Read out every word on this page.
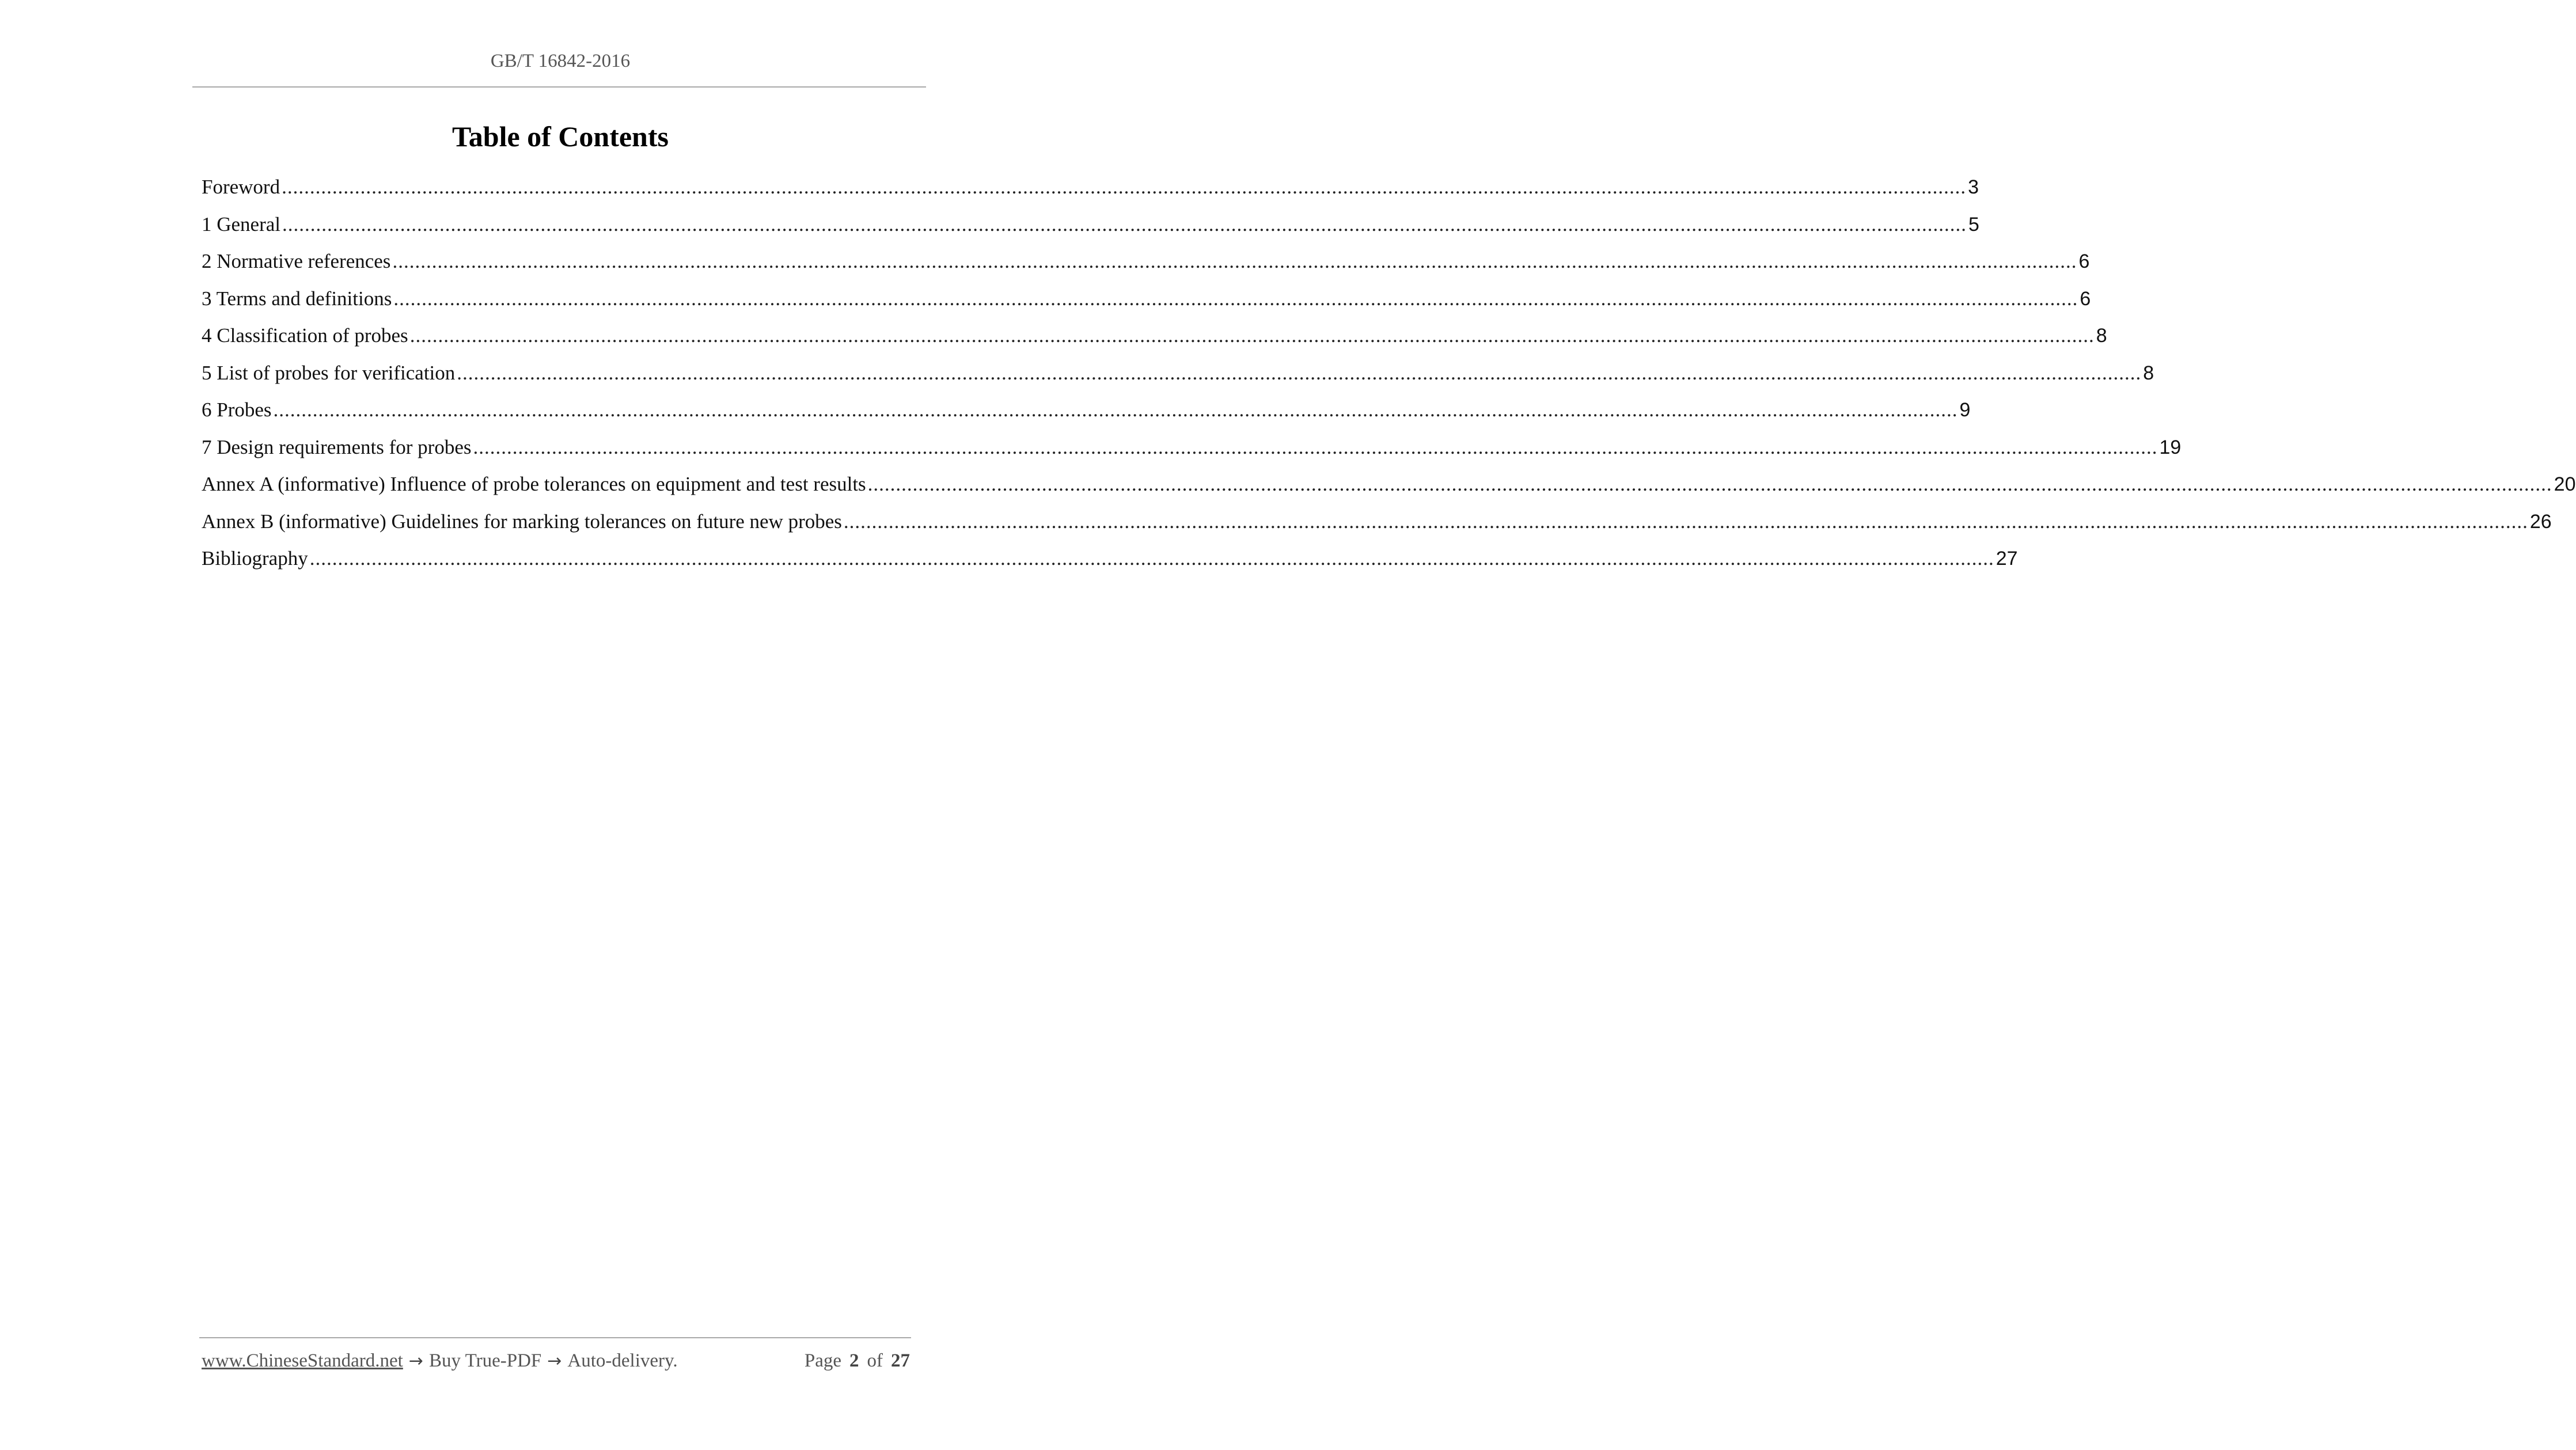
GB/T 16842-2016
Table of Contents
Foreword ............................................................................................................................................................................................................................................................................................................ 3
1 General ............................................................................................................................................................................................................................................................................................................ 5
2 Normative references ............................................................................................................................................................................................................................................................................................................ 6
3 Terms and definitions ............................................................................................................................................................................................................................................................................................................ 6
4 Classification of probes ............................................................................................................................................................................................................................................................................................................ 8
5 List of probes for verification ............................................................................................................................................................................................................................................................................................................ 8
6 Probes ............................................................................................................................................................................................................................................................................................................ 9
7 Design requirements for probes ............................................................................................................................................................................................................................................................................................................ 19
Annex A (informative) Influence of probe tolerances on equipment and test results ............................................................................................................................................................................................................................................................................................................ 20
Annex B (informative) Guidelines for marking tolerances on future new probes ............................................................................................................................................................................................................................................................................................................ 26
Bibliography ............................................................................................................................................................................................................................................................................................................ 27
www.ChineseStandard.net → Buy True-PDF → Auto-delivery.	Page 2 of 27
